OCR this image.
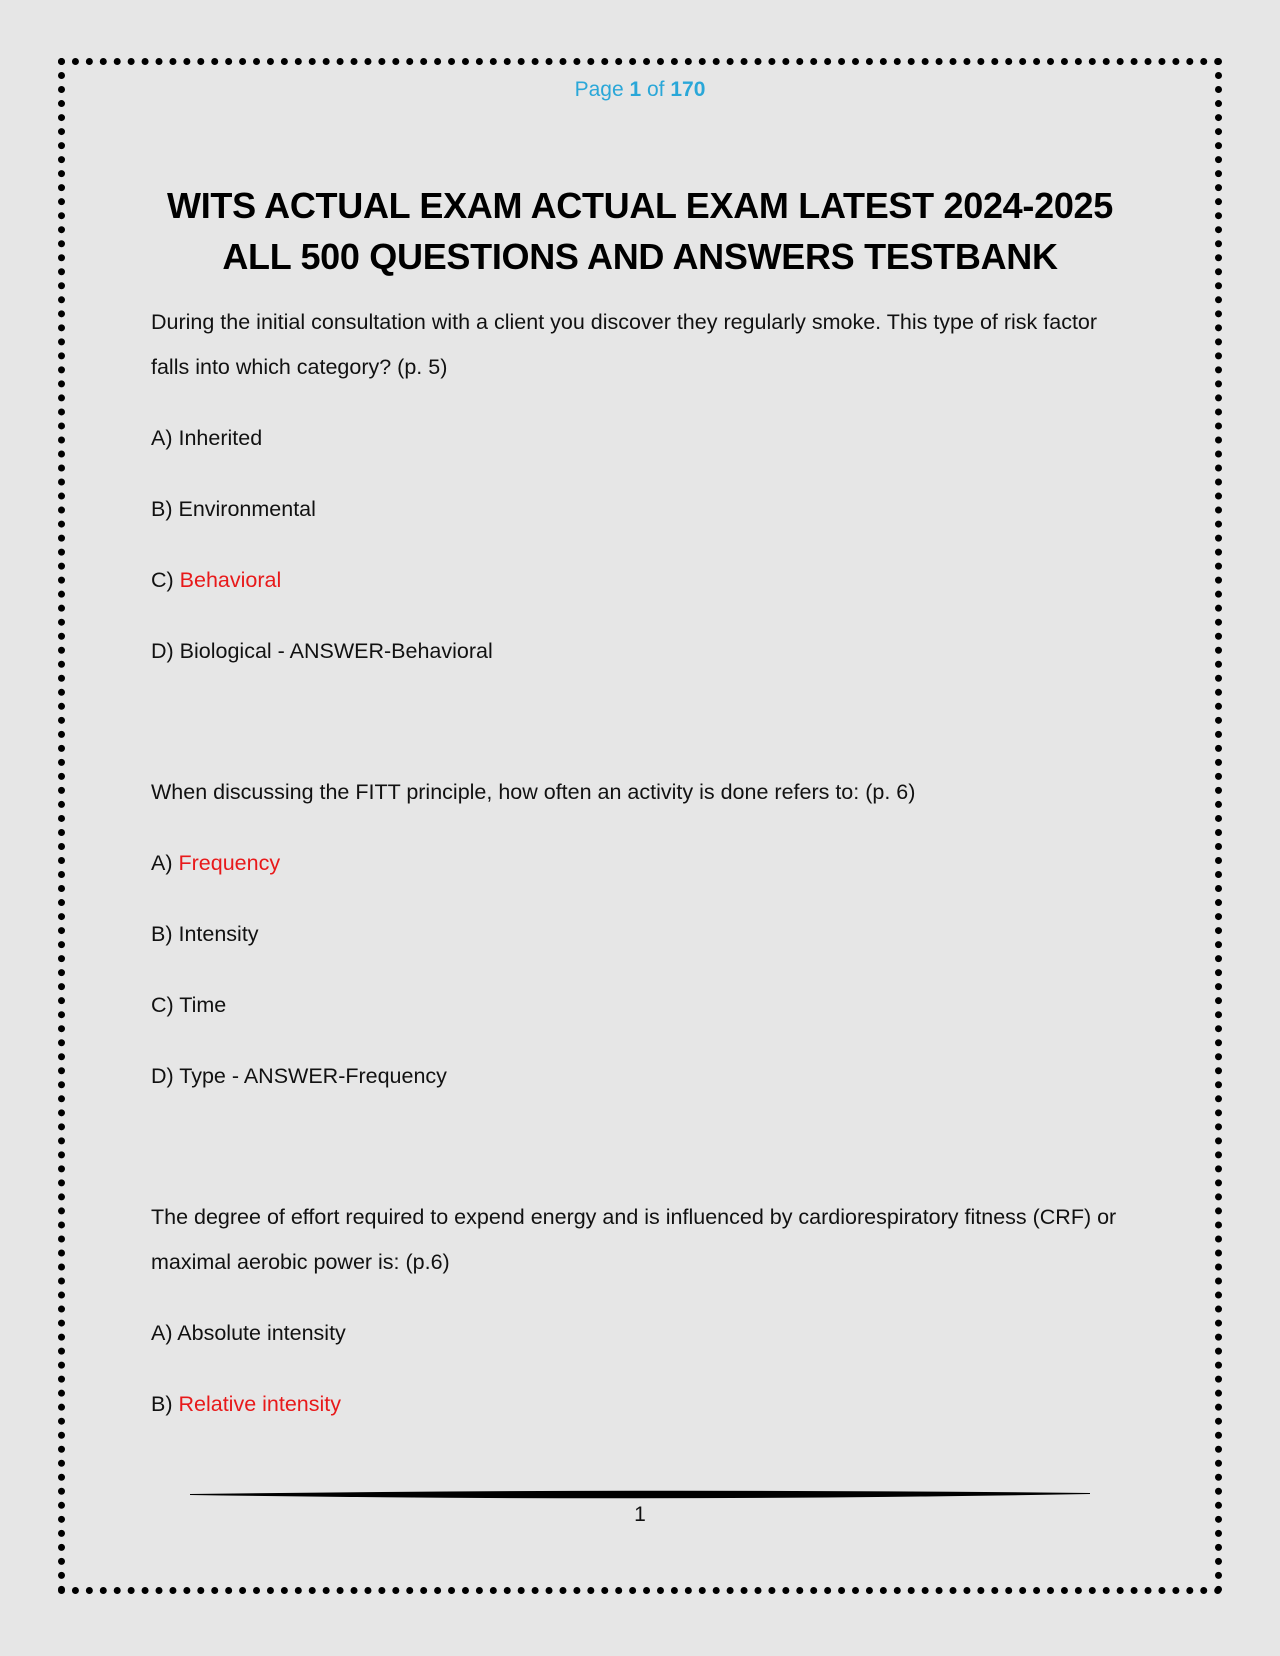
Page 1 of 170
WITS ACTUAL EXAM ACTUAL EXAM LATEST 2024-2025
ALL 500 QUESTIONS AND ANSWERS TESTBANK

During the initial consultation with a client you discover they regularly smoke. This type of risk factor falls into which category? (p. 5)

A) Inherited

B) Environmental

C) Behavioral

D) Biological - ANSWER-Behavioral

When discussing the FITT principle, how often an activity is done refers to: (p. 6)

A) Frequency

B) Intensity

C) Time

D) Type - ANSWER-Frequency

The degree of effort required to expend energy and is influenced by cardiorespiratory fitness (CRF) or maximal aerobic power is: (p.6)

A) Absolute intensity

B) Relative intensity

1
